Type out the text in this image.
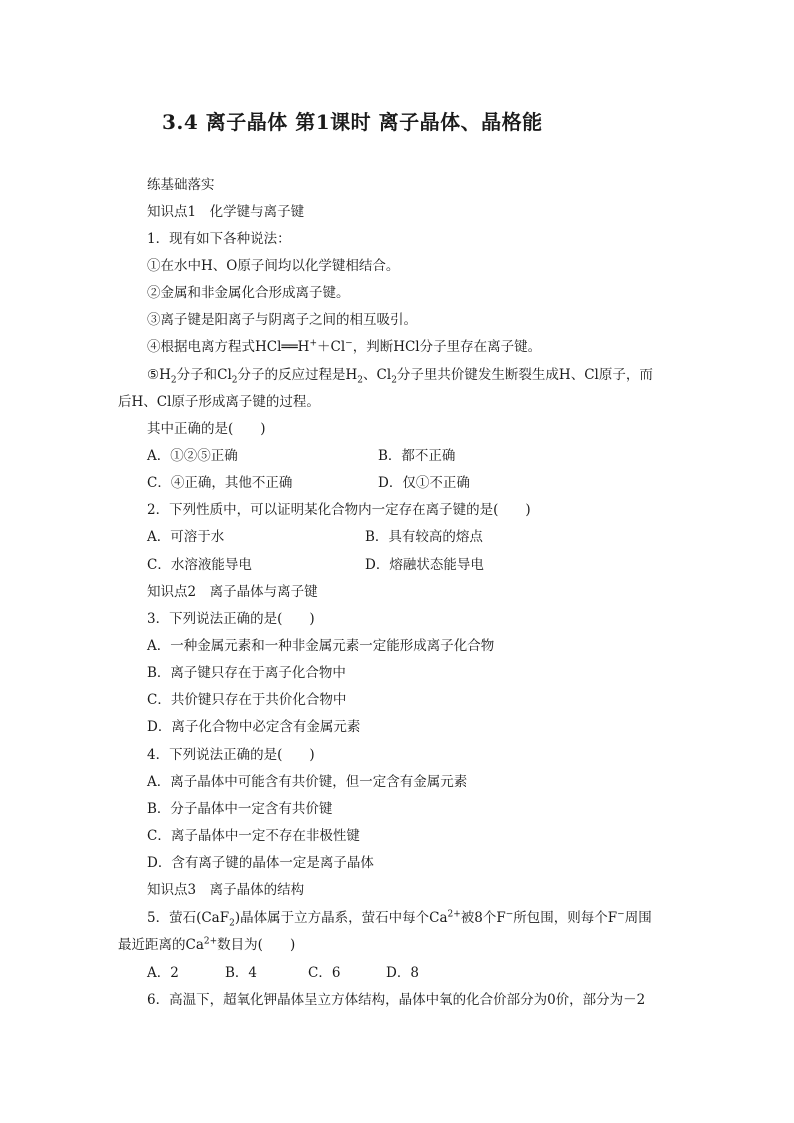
3.4 离子晶体 第1课时 离子晶体、晶格能
练基础落实
知识点1　化学键与离子键
1．现有如下各种说法：
①在水中H、O原子间均以化学键相结合。
②金属和非金属化合形成离子键。
③离子键是阳离子与阴离子之间的相互吸引。
④根据电离方程式HCl══H+＋Cl−，判断HCl分子里存在离子键。
$⑤H_2$分子和$Cl_2$分子的反应过程是$H_2$、$Cl_2$分子里共价键发生断裂生成H、Cl原子，而
后H、Cl原子形成离子键的过程。
其中正确的是(　　)
A．①②⑤正确	B．都不正确
C．④正确，其他不正确	D．仅①不正确
2．下列性质中，可以证明某化合物内一定存在离子键的是(　　)
A．可溶于水	B．具有较高的熔点
C．水溶液能导电	D．熔融状态能导电
知识点2　离子晶体与离子键
3．下列说法正确的是(　　)
A．一种金属元素和一种非金属元素一定能形成离子化合物
B．离子键只存在于离子化合物中
C．共价键只存在于共价化合物中
D．离子化合物中必定含有金属元素
4．下列说法正确的是(　　)
A．离子晶体中可能含有共价键，但一定含有金属元素
B．分子晶体中一定含有共价键
C．离子晶体中一定不存在非极性键
D．含有离子键的晶体一定是离子晶体
知识点3　离子晶体的结构
5．萤石(CaF$_2$)晶体属于立方晶系，萤石中每个$Ca^{2+}$被8个F−所包围，则每个F−周围
最近距离的$Ca^{2+}$数目为(　　)
A．2	B．4	C．6	D．8
6．高温下，超氧化钾晶体呈立方体结构，晶体中氧的化合价部分为0价，部分为－2
